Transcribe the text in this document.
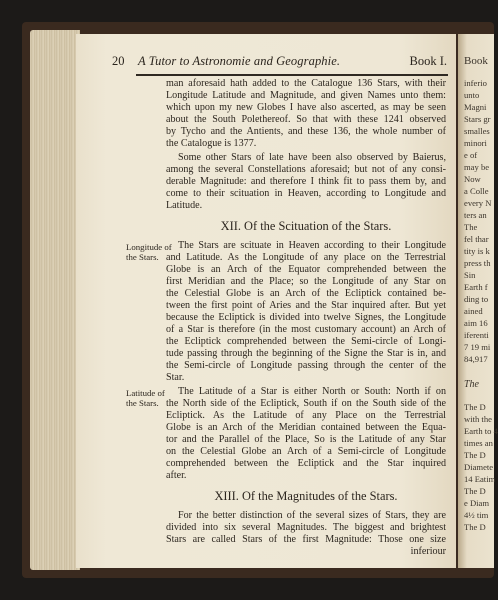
20 A Tutor to Astronomie and Geographie.	Book I.
man aforesaid hath added to the Catalogue 136 Stars, with their
Longitude Latitude and Magnitude, and given Names unto them:
which upon my new Globes I have also ascerted, as may be seen
about the South Polethereof. So that with these 1241 observed
by Tycho and the Antients, and these 136, the whole number of
the Catalogue is 1377.
Some other Stars of late have been also observed by Baierus,
among the several Constellations aforesaid; but not of any consi-
derable Magnitude: and therefore I think fit to pass them by, and
come to their scituation in Heaven, according to Longitude and
Latitude.
XII. Of the Scituation of the Stars.
Longitude of
the Stars.
The Stars are scituate in Heaven according to their Longitude
and Latitude. As the Longitude of any place on the Terrestrial
Globe is an Arch of the Equator comprehended between the
first Meridian and the Place; so the Longitude of any Star on
the Celestial Globe is an Arch of the Ecliptick contained be-
tween the first point of Aries and the Star inquired after. But yet
because the Ecliptick is divided into twelve Signes, the Longitude
of a Star is therefore (in the most customary account) an Arch of
the Ecliptick comprehended between the Semi-circle of Longi-
tude passing through the beginning of the Signe the Star is in, and
the Semi-circle of Longitude passing through the center of the
Star.
Latitude of
the Stars.
The Latitude of a Star is either North or South: North if on
the North side of the Ecliptick, South if on the South side of the
Ecliptick. As the Latitude of any Place on the Terrestrial
Globe is an Arch of the Meridian contained between the Equa-
tor and the Parallel of the Place, So is the Latitude of any Star
on the Celestial Globe an Arch of a Semi-circle of Longitude
comprehended between the Ecliptick and the Star inquired
after.
XIII. Of the Magnitudes of the Stars.
For the better distinction of the several sizes of Stars, they are
divided into six several Magnitudes. The biggest and brightest
Stars are called Stars of the first Magnitude: Those one size
inferiour
Book
inferio
unto
Magni
Stars gr
smalles
minori
e of
may be
Now
a Colle
every N
ters an
The
fel thar
tity is k
press th
Sin
Earth f
ding to
ained
aim 16
iferenti
7 19 mi
84,917
The
The D
with the
Earth to 4
times an
The D
Diamete
14 Eatim
The D
e Diam
4½ tim
The D
